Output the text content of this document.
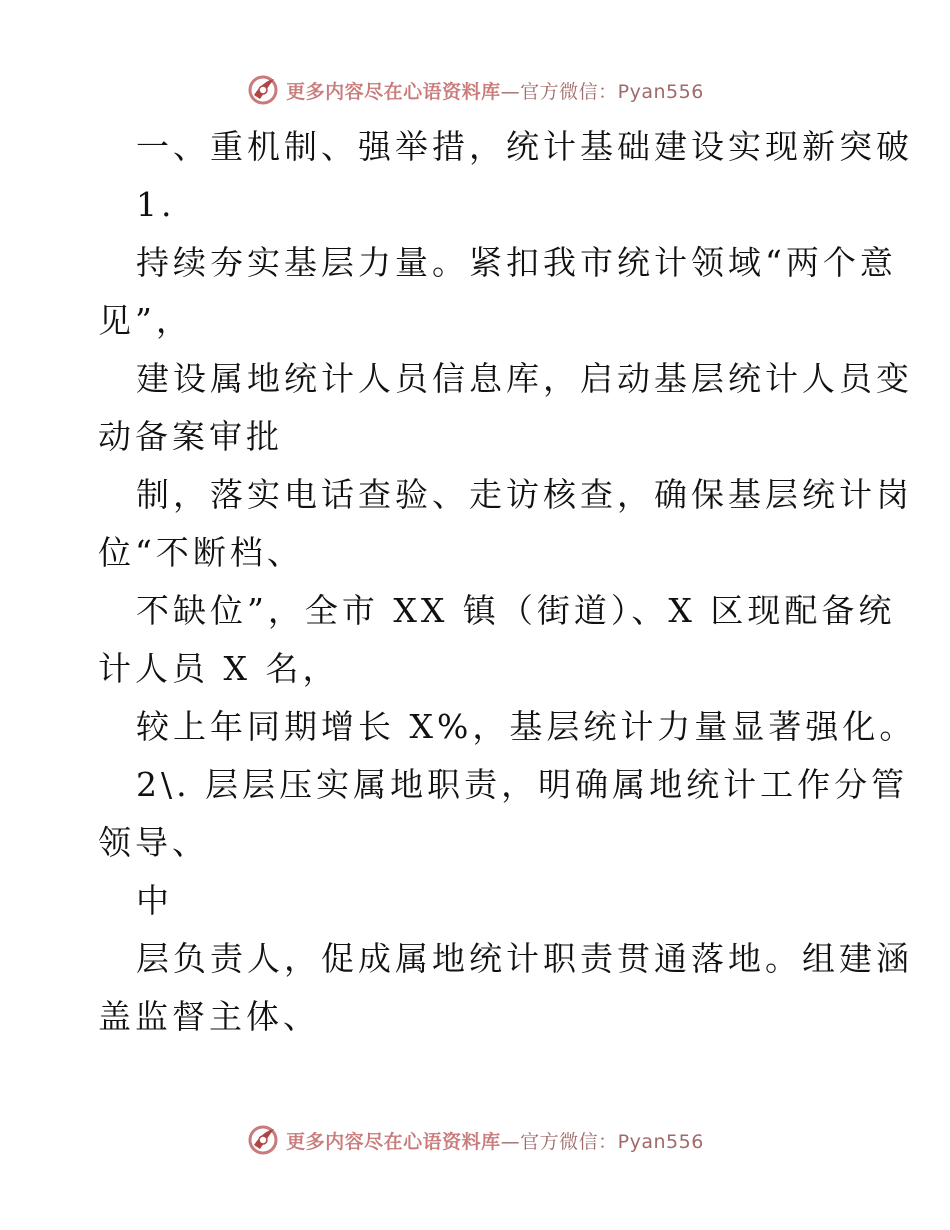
更多内容尽在心语资料库 —官方微信：Pyan556
一、重机制、强举措，统计基础建设实现新突破
1.
持续夯实基层力量。紧扣我市统计领域“两个意
见”，
建设属地统计人员信息库，启动基层统计人员变
动备案审批
制，落实电话查验、走访核查，确保基层统计岗
位“不断档、
不缺位”，全市 XX 镇（街道）、X 区现配备统
计人员 X 名，
较上年同期增长 X%，基层统计力量显著强化。
2\. 层层压实属地职责，明确属地统计工作分管
领导、
中
层负责人，促成属地统计职责贯通落地。组建涵
盖监督主体、
更多内容尽在心语资料库 —官方微信：Pyan556
